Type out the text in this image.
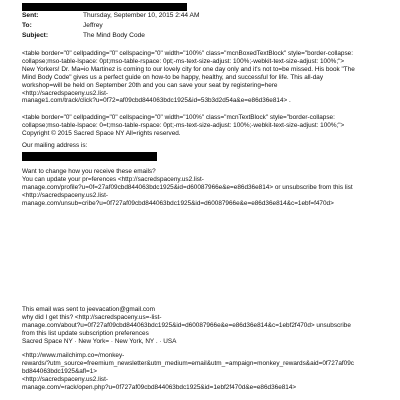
Sent:	Thursday, September 10, 2015 2:44 AM
To:	Jeffrey
Subject:	The Mind Body Code
<table border="0" cellpadding="0" cellspacing="0" width="100%" class="mcnBoxedTextBlock" style="border-collapse:
collapse;mso-table-lspace: 0pt;mso-table-rspace: 0pt;-ms-text-size-adjust: 100%;-webkit-text-size-adjust: 100%;">
New Yorkers! Dr. Ma=io Martinez is coming to our lovely city for one day only and it's not to=be missed. His book "The
Mind Body Code" gives us a perfect guide on how-to be happy, healthy, and successful for life. This all-day
workshop=will be held on September 20th and you can save your seat by registering=here
<http://sacredspaceny.us2.list-
manage1.com/track/click?u=0f72=af09cbd844063bdc1925&id=53b3d2d54a&e=e86d36e814> .
<table border="0" cellpadding="0" cellspacing="0" width="100%" class="mcnTextBlock" style="border-collapse:
collapse;mso-table-lspace: 0=t;mso-table-rspace: 0pt;-ms-text-size-adjust: 100%;-webkit-text-size-adjust: 100%;">
Copyright © 2015 Sacred Space NY All=rights reserved.
Our mailing address is:
Want to change how you receive these emails?
You can update your pr=ferences <http://sacredspaceny.us2.list-
manage.com/profile?u=0f=27af09cbd844063bdc1925&id=d60087966e&e=e86d36e814> or unsubscribe from this list
<http://sacredspaceny.us2.list-
manage.com/unsub=cribe?u=0f727af09cbd844063bdc1925&id=d60087966e&e=e86d36e814&c=1ebf=f470d>
This email was sent to jeevacation@gmail.com
why did I get this? <http://sacredspaceny.us=-list-
manage.com/about?u=0f727af09cbd844063bdc1925&id=d60087966e&e=e86d36e814&c=1ebf2f470d> unsubscribe
from this list update subscription preferences
Sacred Space NY · New York= · New York, NY . · USA
<http://www.mailchimp.co=/monkey-
rewards/?utm_source=freemium_newsletter&utm_medium=email&utm_=ampaign=monkey_rewards&aid=0f727af09c
bd844063bdc1925&afl=1>
<http://sacredspaceny.us2.list-
manage.com/=rack/open.php?u=0f727af09cbd844063bdc1925&id=1ebf2f470d&e=e86d36e814>
